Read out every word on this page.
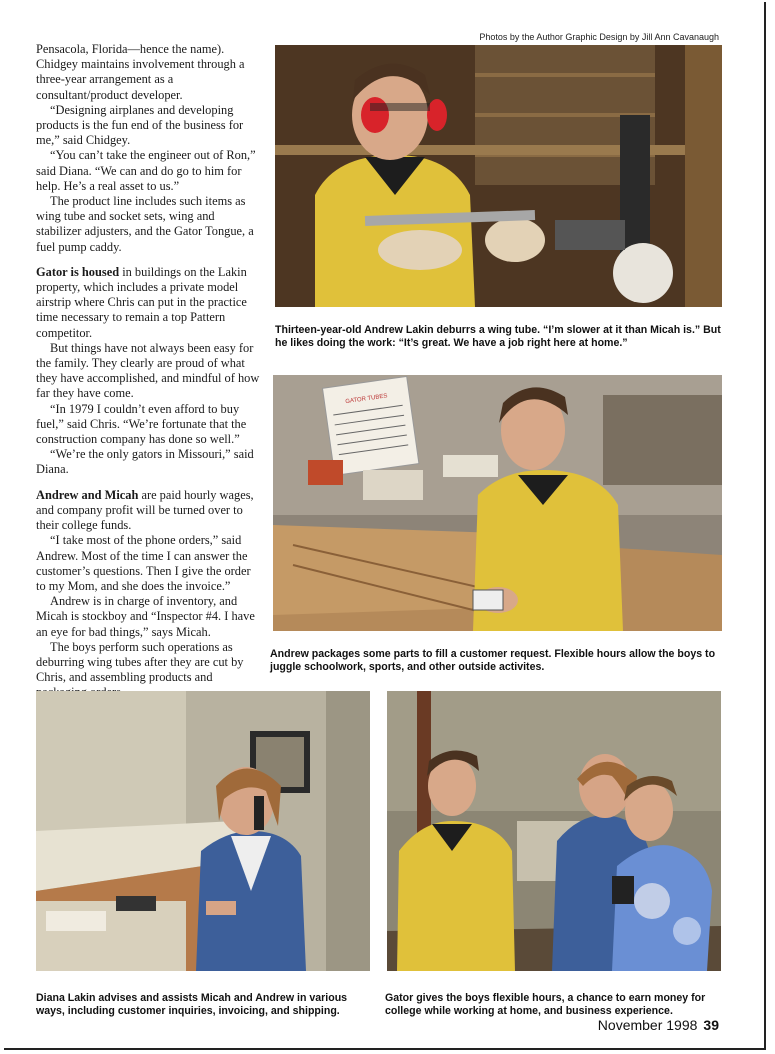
Photos by the Author Graphic Design by Jill Ann Cavanaugh

Pensacola, Florida—hence the name). Chidgey maintains involvement through a three-year arrangement as a consultant/product developer.

“Designing airplanes and developing products is the fun end of the business for me,” said Chidgey.

“You can’t take the engineer out of Ron,” said Diana. “We can and do go to him for help. He’s a real asset to us.”

The product line includes such items as wing tube and socket sets, wing and stabilizer adjusters, and the Gator Tongue, a fuel pump caddy.

Gator is housed in buildings on the Lakin property, which includes a private model airstrip where Chris can put in the practice time necessary to remain a top Pattern competitor.

But things have not always been easy for the family. They clearly are proud of what they have accomplished, and mindful of how far they have come.

“In 1979 I couldn’t even afford to buy fuel,” said Chris. “We’re fortunate that the construction company has done so well.”

“We’re the only gators in Missouri,” said Diana.

Andrew and Micah are paid hourly wages, and company profit will be turned over to their college funds.

“I take most of the phone orders,” said Andrew. Most of the time I can answer the customer’s questions. Then I give the order to my Mom, and she does the invoice.”

Andrew is in charge of inventory, and Micah is stockboy and “Inspector #4. I have an eye for bad things,” says Micah.

The boys perform such operations as deburring wing tubes after they are cut by Chris, and assembling products and

Thirteen-year-old Andrew Lakin deburrs a wing tube. “I’m slower at it than Micah is.” But he likes doing the work: “It’s great. We have a job right here at home.”
GATOR TUBES
Andrew packages some parts to fill a customer request. Flexible hours allow the boys to juggle schoolwork, sports, and other outside activites.
Diana Lakin advises and assists Micah and Andrew in various ways, including customer inquiries, invoicing, and shipping.
Gator gives the boys flexible hours, a chance to earn money for college while working at home, and business experience.
November 1998 39
